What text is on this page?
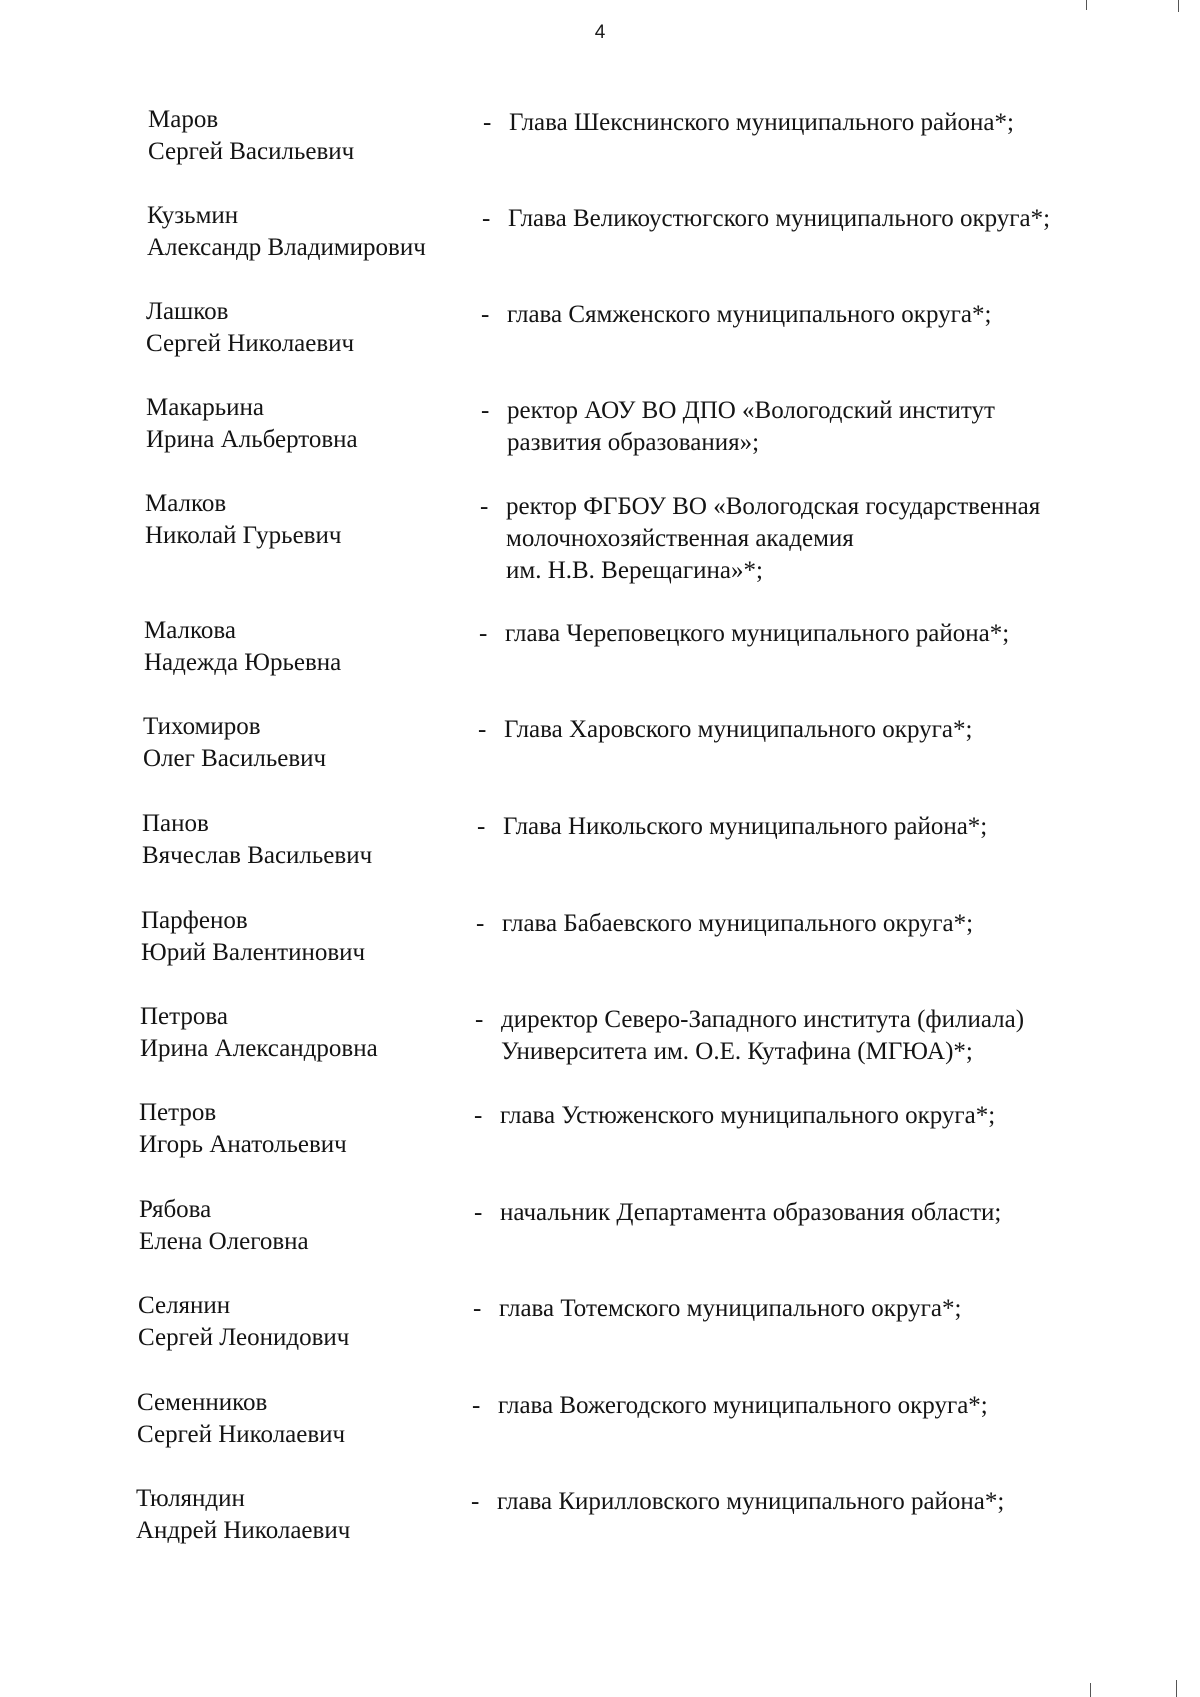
4
Маров
Сергей Васильевич
- Глава Шекснинского муниципального района*;
Кузьмин
Александр Владимирович
- Глава Великоустюгского муниципального округа*;
Лашков
Сергей Николаевич
- глава Сямженского муниципального округа*;
Макарьина
Ирина Альбертовна
- ректор АОУ ВО ДПО «Вологодский институт
развития образования»;
Малков
Николай Гурьевич
- ректор ФГБОУ ВО «Вологодская государственная
молочнохозяйственная академия
им. Н.В. Верещагина»*;
Малкова
Надежда Юрьевна
- глава Череповецкого муниципального района*;
Тихомиров
Олег Васильевич
- Глава Харовского муниципального округа*;
Панов
Вячеслав Васильевич
- Глава Никольского муниципального района*;
Парфенов
Юрий Валентинович
- глава Бабаевского муниципального округа*;
Петрова
Ирина Александровна
- директор Северо-Западного института (филиала)
Университета им. О.Е. Кутафина (МГЮА)*;
Петров
Игорь Анатольевич
- глава Устюженского муниципального округа*;
Рябова
Елена Олеговна
- начальник Департамента образования области;
Селянин
Сергей Леонидович
- глава Тотемского муниципального округа*;
Семенников
Сергей Николаевич
- глава Вожегодского муниципального округа*;
Тюляндин
Андрей Николаевич
- глава Кирилловского муниципального района*;
